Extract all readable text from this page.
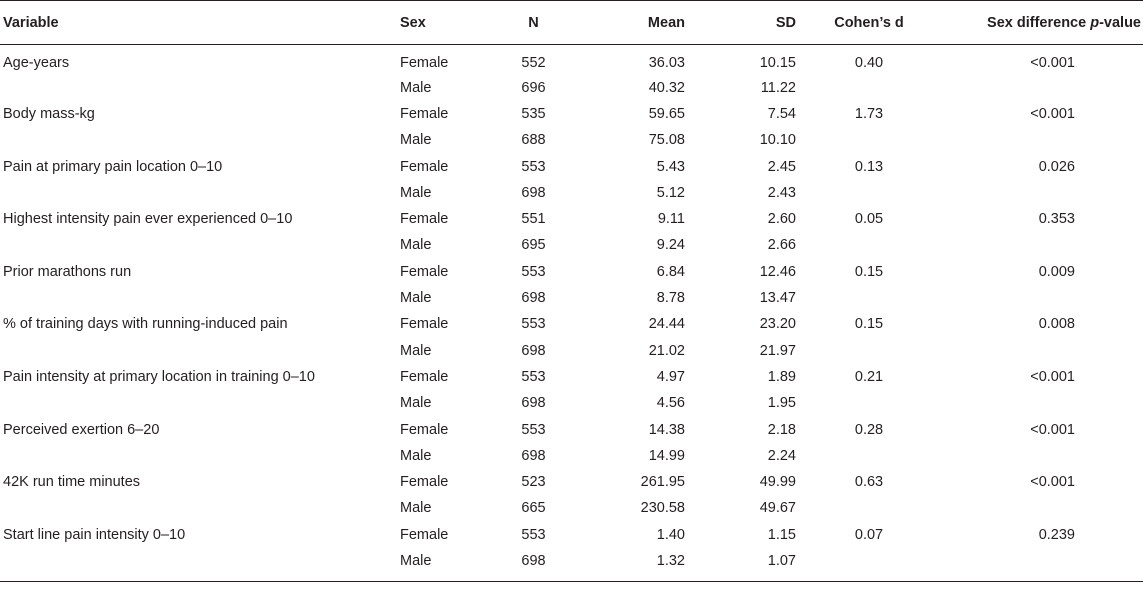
Variable	Sex	N	Mean	SD	Cohen’s d	Sex difference p-value
Age-years	Female	552	36.03	10.15	0.40	<0.001
	Male	696	40.32	11.22		
Body mass-kg	Female	535	59.65	7.54	1.73	<0.001
	Male	688	75.08	10.10		
Pain at primary pain location 0–10	Female	553	5.43	2.45	0.13	0.026
	Male	698	5.12	2.43		
Highest intensity pain ever experienced 0–10	Female	551	9.11	2.60	0.05	0.353
	Male	695	9.24	2.66		
Prior marathons run	Female	553	6.84	12.46	0.15	0.009
	Male	698	8.78	13.47		
% of training days with running-induced pain	Female	553	24.44	23.20	0.15	0.008
	Male	698	21.02	21.97		
Pain intensity at primary location in training 0–10	Female	553	4.97	1.89	0.21	<0.001
	Male	698	4.56	1.95		
Perceived exertion 6–20	Female	553	14.38	2.18	0.28	<0.001
	Male	698	14.99	2.24		
42K run time minutes	Female	523	261.95	49.99	0.63	<0.001
	Male	665	230.58	49.67		
Start line pain intensity 0–10	Female	553	1.40	1.15	0.07	0.239
	Male	698	1.32	1.07		
